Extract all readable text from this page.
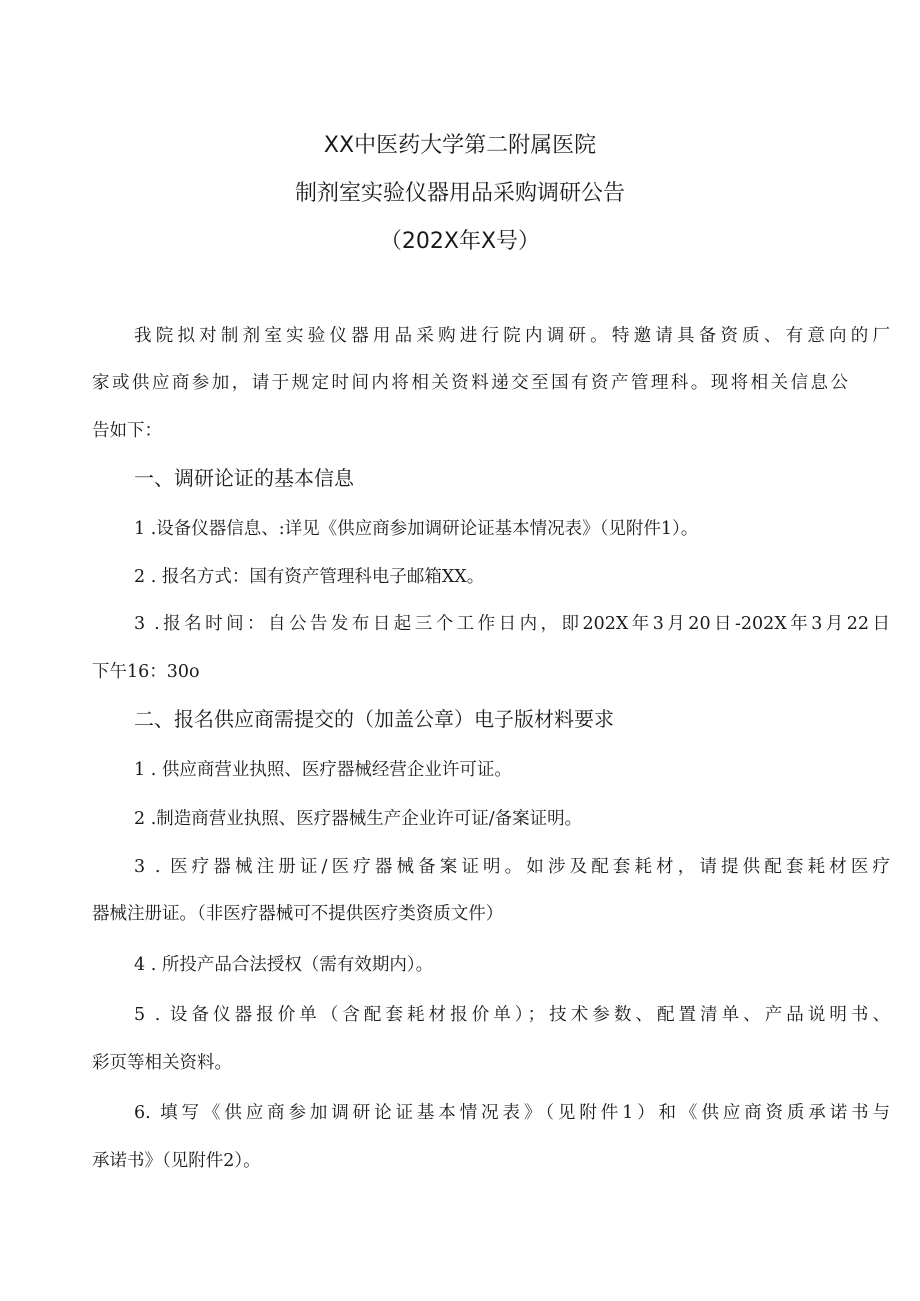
XX中医药大学第二附属医院
制剂室实验仪器用品采购调研公告
（202X年X号）
我院拟对制剂室实验仪器用品采购进行院内调研。特邀请具备资质、有意向的厂
家或供应商参加，请于规定时间内将相关资料递交至国有资产管理科。现将相关信息公
告如下：
一、调研论证的基本信息
1 .设备仪器信息、:详见《供应商参加调研论证基本情况表》（见附件1）。
2 . 报名方式：国有资产管理科电子邮箱XX。
3 .报名时间：自公告发布日起三个工作日内，即202X年3月20日-202X年3月22日
下午16：30o
二、报名供应商需提交的（加盖公章）电子版材料要求
1 . 供应商营业执照、医疗器械经营企业许可证。
2 .制造商营业执照、医疗器械生产企业许可证/备案证明。
3 . 医疗器械注册证/医疗器械备案证明。如涉及配套耗材，请提供配套耗材医疗
器械注册证。（非医疗器械可不提供医疗类资质文件）
4 . 所投产品合法授权（需有效期内）。
5 . 设备仪器报价单（含配套耗材报价单）；技术参数、配置清单、产品说明书、
彩页等相关资料。
6. 填写《供应商参加调研论证基本情况表》（见附件1）和《供应商资质承诺书与
承诺书》（见附件2）。
